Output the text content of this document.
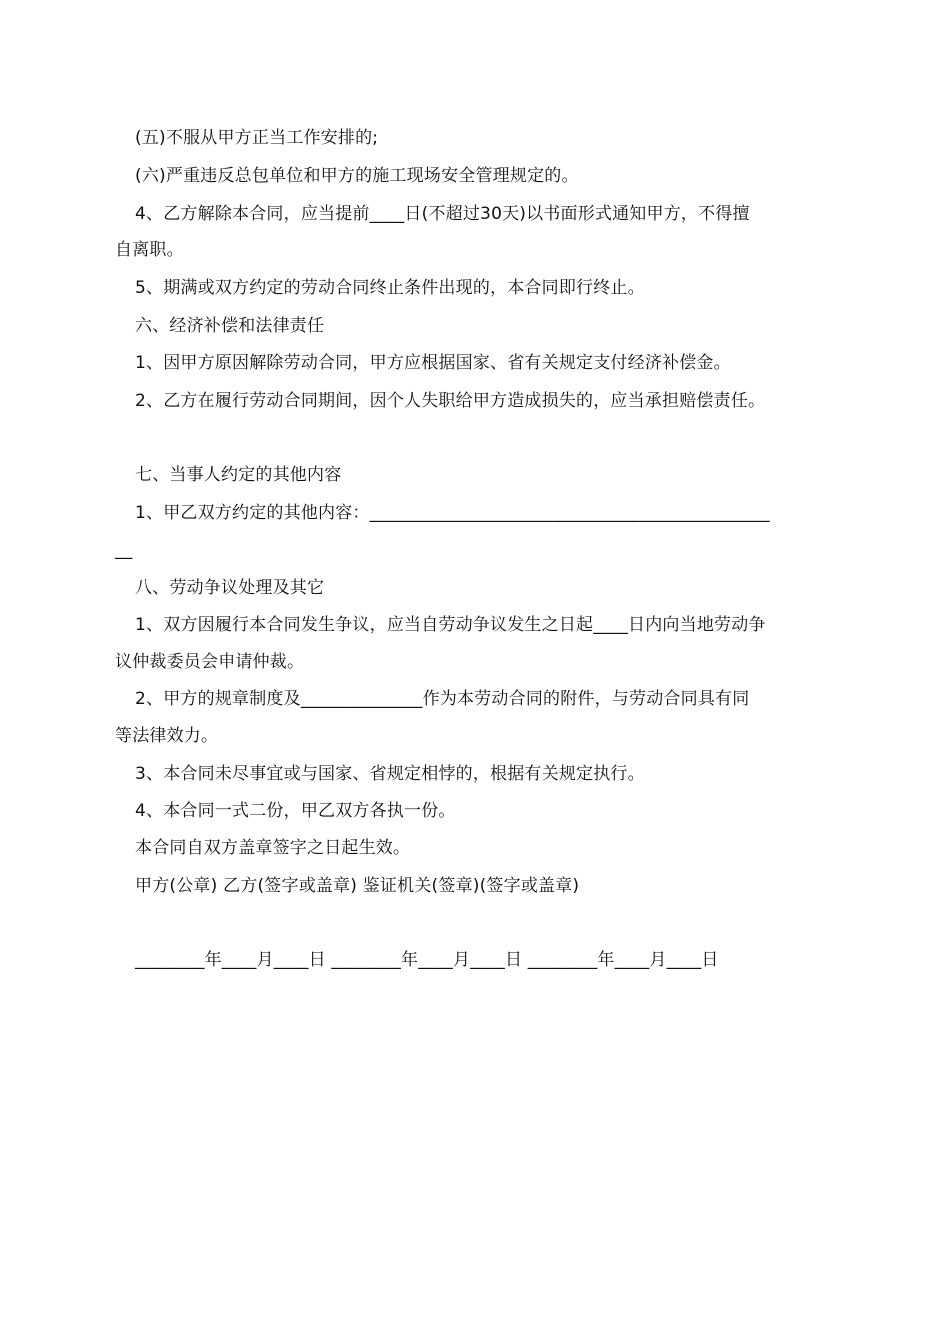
(五)不服从甲方正当工作安排的;
(六)严重违反总包单位和甲方的施工现场安全管理规定的。
4、乙方解除本合同，应当提前____日(不超过30天)以书面形式通知甲方，不得擅
自离职。
5、期满或双方约定的劳动合同终止条件出现的，本合同即行终止。
六、经济补偿和法律责任
1、因甲方原因解除劳动合同，甲方应根据国家、省有关规定支付经济补偿金。
2、乙方在履行劳动合同期间，因个人失职给甲方造成损失的，应当承担赔偿责任。
七、当事人约定的其他内容
1、甲乙双方约定的其他内容：______________________________________________
__
八、劳动争议处理及其它
1、双方因履行本合同发生争议，应当自劳动争议发生之日起____日内向当地劳动争
议仲裁委员会申请仲裁。
2、甲方的规章制度及______________作为本劳动合同的附件，与劳动合同具有同
等法律效力。
3、本合同未尽事宜或与国家、省规定相悖的，根据有关规定执行。
4、本合同一式二份，甲乙双方各执一份。
本合同自双方盖章签字之日起生效。
甲方(公章) 乙方(签字或盖章) 鉴证机关(签章)(签字或盖章)
________年____月____日 ________年____月____日 ________年____月____日
